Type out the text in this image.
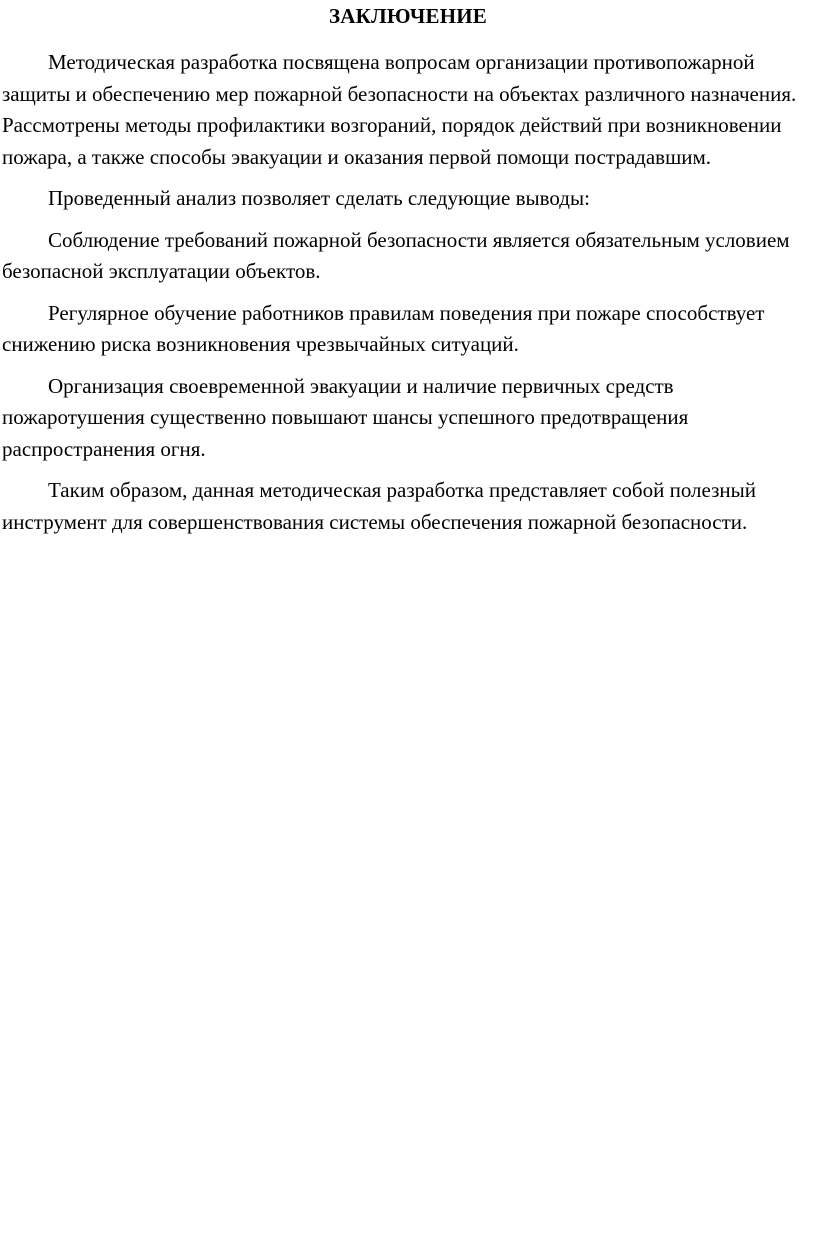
ЗАКЛЮЧЕНИЕ

Методическая разработка посвящена вопросам организации противопожарной защиты и обеспечению мер пожарной безопасности на объектах различного назначения. Рассмотрены методы профилактики возгораний, порядок действий при возникновении пожара, а также способы эвакуации и оказания первой помощи пострадавшим.

Проведенный анализ позволяет сделать следующие выводы:

Соблюдение требований пожарной безопасности является обязательным условием безопасной эксплуатации объектов.

Регулярное обучение работников правилам поведения при пожаре способствует снижению риска возникновения чрезвычайных ситуаций.

Организация своевременной эвакуации и наличие первичных средств пожаротушения существенно повышают шансы успешного предотвращения распространения огня.

Таким образом, данная методическая разработка представляет собой полезный инструмент для совершенствования системы обеспечения пожарной безопасности.
